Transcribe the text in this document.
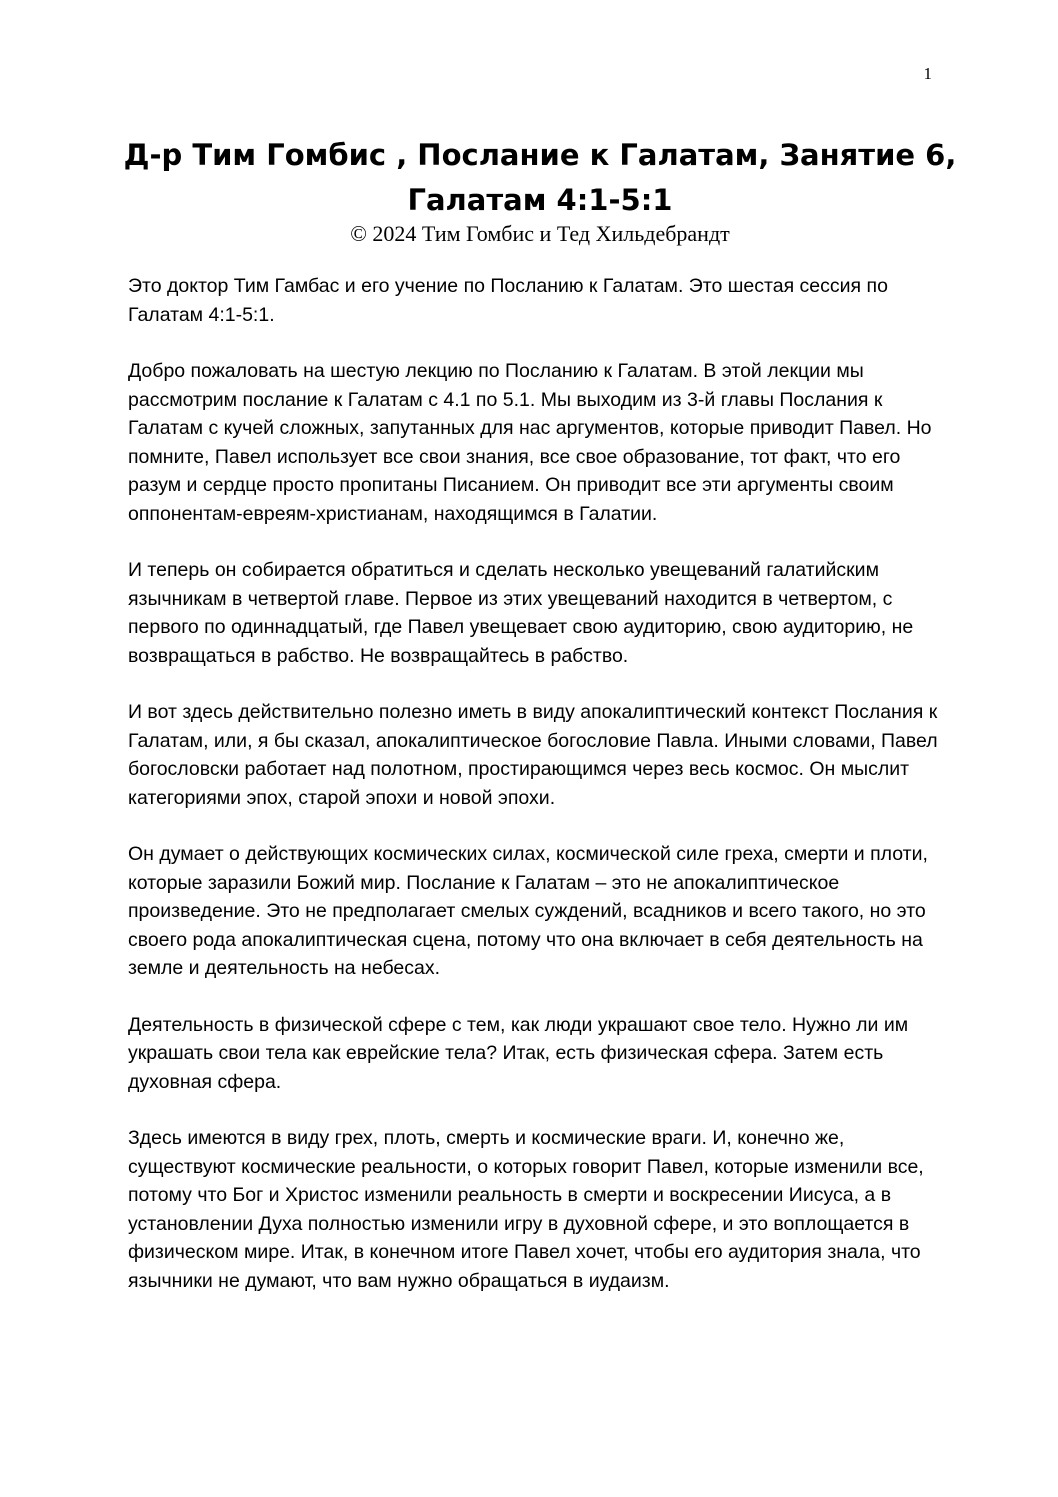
1
Д-р Тим Гомбис , Послание к Галатам, Занятие 6, Галатам 4:1-5:1
© 2024 Тим Гомбис и Тед Хильдебрандт

Это доктор Тим Гамбас и его учение по Посланию к Галатам. Это шестая сессия по Галатам 4:1-5:1.

Добро пожаловать на шестую лекцию по Посланию к Галатам. В этой лекции мы рассмотрим послание к Галатам с 4.1 по 5.1. Мы выходим из 3-й главы Послания к Галатам с кучей сложных, запутанных для нас аргументов, которые приводит Павел. Но помните, Павел использует все свои знания, все свое образование, тот факт, что его разум и сердце просто пропитаны Писанием. Он приводит все эти аргументы своим оппонентам-евреям-христианам, находящимся в Галатии.

И теперь он собирается обратиться и сделать несколько увещеваний галатийским язычникам в четвертой главе. Первое из этих увещеваний находится в четвертом, с первого по одиннадцатый, где Павел увещевает свою аудиторию, свою аудиторию, не возвращаться в рабство. Не возвращайтесь в рабство.

И вот здесь действительно полезно иметь в виду апокалиптический контекст Послания к Галатам, или, я бы сказал, апокалиптическое богословие Павла. Иными словами, Павел богословски работает над полотном, простирающимся через весь космос. Он мыслит категориями эпох, старой эпохи и новой эпохи.

Он думает о действующих космических силах, космической силе греха, смерти и плоти, которые заразили Божий мир. Послание к Галатам – это не апокалиптическое произведение. Это не предполагает смелых суждений, всадников и всего такого, но это своего рода апокалиптическая сцена, потому что она включает в себя деятельность на земле и деятельность на небесах.

Деятельность в физической сфере с тем, как люди украшают свое тело. Нужно ли им украшать свои тела как еврейские тела? Итак, есть физическая сфера. Затем есть духовная сфера.

Здесь имеются в виду грех, плоть, смерть и космические враги. И, конечно же, существуют космические реальности, о которых говорит Павел, которые изменили все, потому что Бог и Христос изменили реальность в смерти и воскресении Иисуса, а в установлении Духа полностью изменили игру в духовной сфере, и это воплощается в физическом мире. Итак, в конечном итоге Павел хочет, чтобы его аудитория знала, что язычники не думают, что вам нужно обращаться в иудаизм.
